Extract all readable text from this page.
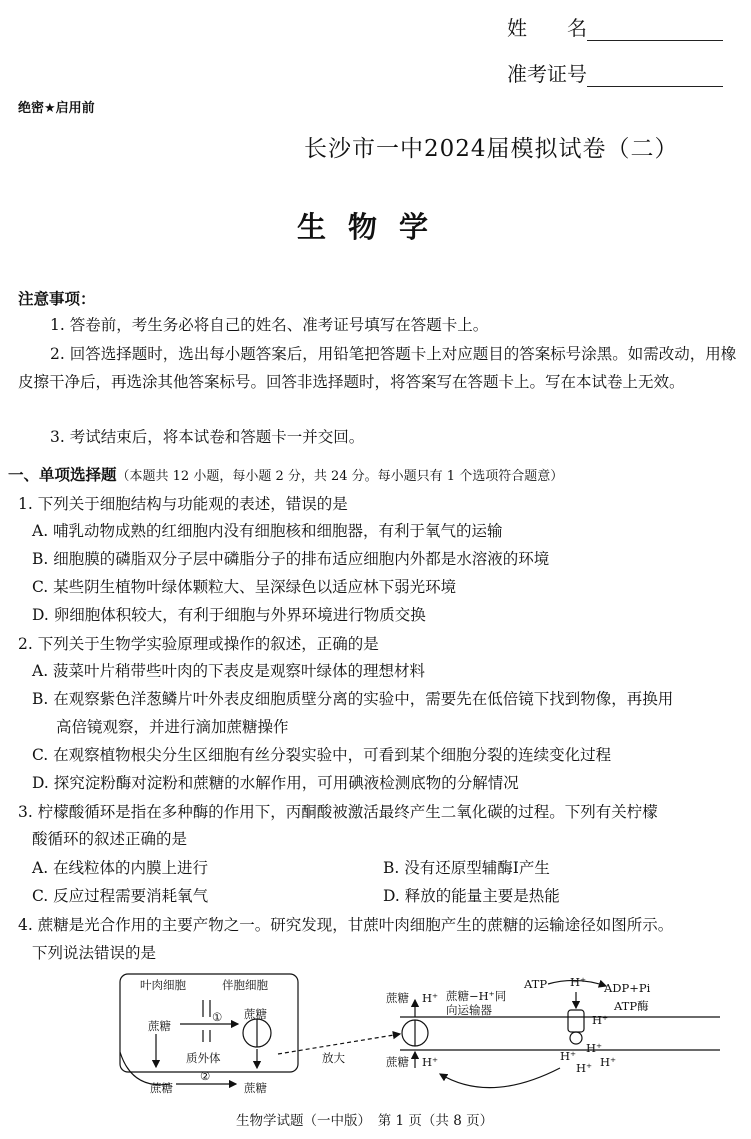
姓　　名
准考证号
绝密★启用前
长沙市一中2024届模拟试卷（二）
生物学
注意事项：
1. 答卷前，考生务必将自己的姓名、准考证号填写在答题卡上。
2. 回答选择题时，选出每小题答案后，用铅笔把答题卡上对应题目的答案标号涂黑。如需改动，用橡皮擦干净后，再选涂其他答案标号。回答非选择题时，将答案写在答题卡上。写在本试卷上无效。
3. 考试结束后，将本试卷和答题卡一并交回。
一、单项选择题（本题共 12 小题，每小题 2 分，共 24 分。每小题只有 1 个选项符合题意）
1. 下列关于细胞结构与功能观的表述，错误的是
A. 哺乳动物成熟的红细胞内没有细胞核和细胞器，有利于氧气的运输
B. 细胞膜的磷脂双分子层中磷脂分子的排布适应细胞内外都是水溶液的环境
C. 某些阴生植物叶绿体颗粒大、呈深绿色以适应林下弱光环境
D. 卵细胞体积较大，有利于细胞与外界环境进行物质交换
2. 下列关于生物学实验原理或操作的叙述，正确的是
A. 菠菜叶片稍带些叶肉的下表皮是观察叶绿体的理想材料
B. 在观察紫色洋葱鳞片叶外表皮细胞质壁分离的实验中，需要先在低倍镜下找到物像，再换用
高倍镜观察，并进行滴加蔗糖操作
C. 在观察植物根尖分生区细胞有丝分裂实验中，可看到某个细胞分裂的连续变化过程
D. 探究淀粉酶对淀粉和蔗糖的水解作用，可用碘液检测底物的分解情况
3. 柠檬酸循环是指在多种酶的作用下，丙酮酸被激活最终产生二氧化碳的过程。下列有关柠檬
酸循环的叙述正确的是
A. 在线粒体的内膜上进行	B. 没有还原型辅酶Ⅰ产生
C. 反应过程需要消耗氧气	D. 释放的能量主要是热能
4. 蔗糖是光合作用的主要产物之一。研究发现，甘蔗叶肉细胞产生的蔗糖的运输途径如图所示。
下列说法错误的是
叶肉细胞	伴胞细胞
蔗糖
蔗糖
①
质外体
蔗糖
②
蔗糖
放大
蔗糖 H⁺ 蔗糖−H⁺同
向运输器
蔗糖 H⁺
ATP H⁺ ADP+Pi
H⁺
ATP酶
H⁺
H⁺
H⁺ H⁺
生物学试题（一中版）　第 1 页（共 8 页）
